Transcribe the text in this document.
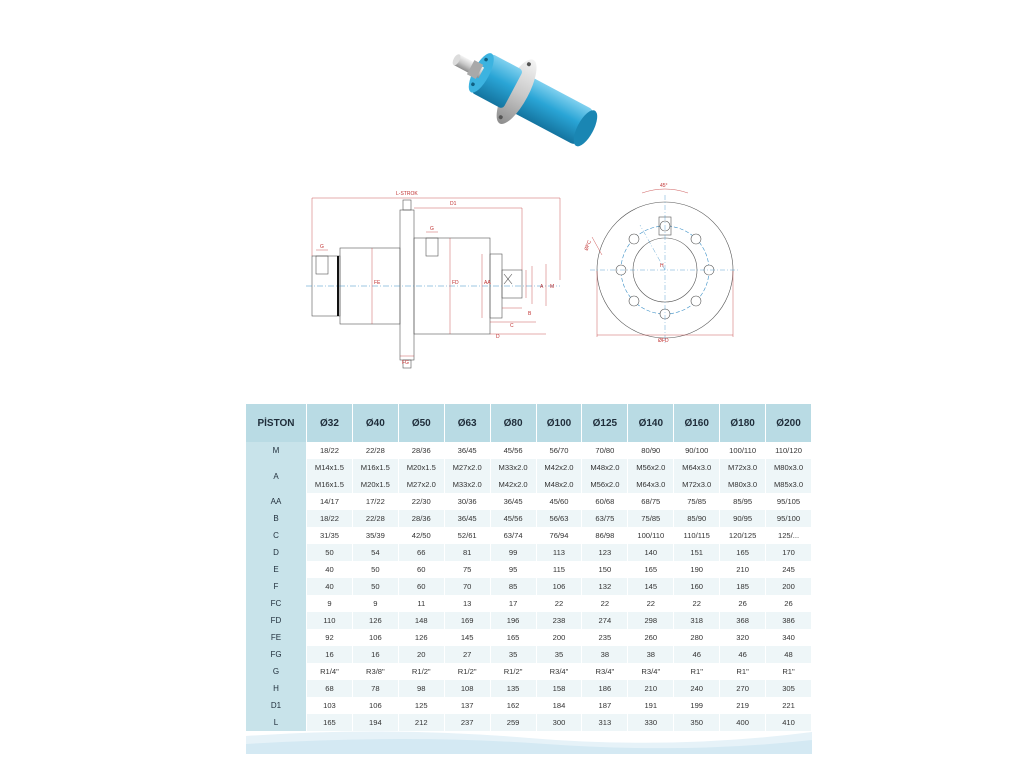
L-STROK
D1
G
G
FE	FD	AA
A M
B
C
D
FG
45°
ØFC
ØFD
H
PİSTON	Ø32	Ø40	Ø50	Ø63	Ø80	Ø100	Ø125	Ø140	Ø160	Ø180	Ø200
M	18/22	22/28	28/36	36/45	45/56	56/70	70/80	80/90	90/100	100/110	110/120
A	M14x1.5	M16x1.5	M20x1.5	M27x2.0	M33x2.0	M42x2.0	M48x2.0	M56x2.0	M64x3.0	M72x3.0	M80x3.0
	M16x1.5	M20x1.5	M27x2.0	M33x2.0	M42x2.0	M48x2.0	M56x2.0	M64x3.0	M72x3.0	M80x3.0	M85x3.0
AA	14/17	17/22	22/30	30/36	36/45	45/60	60/68	68/75	75/85	85/95	95/105
B	18/22	22/28	28/36	36/45	45/56	56/63	63/75	75/85	85/90	90/95	95/100
C	31/35	35/39	42/50	52/61	63/74	76/94	86/98	100/110	110/115	120/125	125/...
D	50	54	66	81	99	113	123	140	151	165	170
E	40	50	60	75	95	115	150	165	190	210	245
F	40	50	60	70	85	106	132	145	160	185	200
FC	9	9	11	13	17	22	22	22	22	26	26
FD	110	126	148	169	196	238	274	298	318	368	386
FE	92	106	126	145	165	200	235	260	280	320	340
FG	16	16	20	27	35	35	38	38	46	46	48
G	R1/4"	R3/8"	R1/2"	R1/2"	R1/2"	R3/4"	R3/4"	R3/4"	R1"	R1"	R1"
H	68	78	98	108	135	158	186	210	240	270	305
D1	103	106	125	137	162	184	187	191	199	219	221
L	165	194	212	237	259	300	313	330	350	400	410
